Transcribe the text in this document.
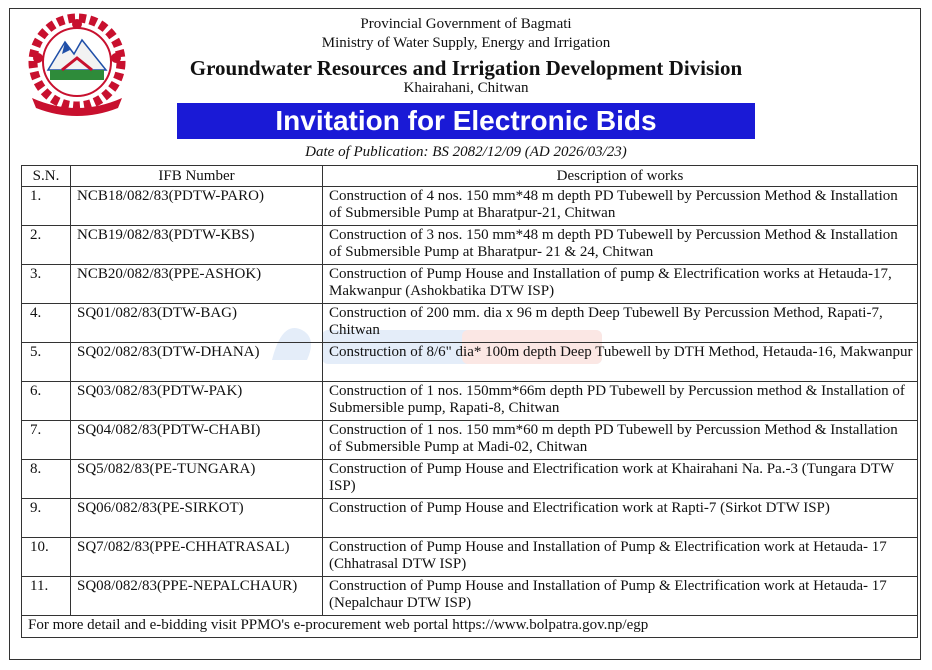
Provincial Government of Bagmati
Ministry of Water Supply, Energy and Irrigation
Groundwater Resources and Irrigation Development Division
Khairahani, Chitwan
Invitation for Electronic Bids
Date of Publication: BS 2082/12/09 (AD 2026/03/23)
S.N.	IFB Number	Description of works
1.	NCB18/082/83(PDTW-PARO)	Construction of 4 nos. 150 mm*48 m depth PD Tubewell by Percussion Method & Installation of Submersible Pump at Bharatpur-21, Chitwan
2.	NCB19/082/83(PDTW-KBS)	Construction of 3 nos. 150 mm*48 m depth PD Tubewell by Percussion Method & Installation of Submersible Pump at Bharatpur- 21 & 24, Chitwan
3.	NCB20/082/83(PPE-ASHOK)	Construction of Pump House and Installation of pump & Electrification works at Hetauda-17, Makwanpur (Ashokbatika DTW ISP)
4.	SQ01/082/83(DTW-BAG)	Construction of 200 mm. dia x 96 m depth Deep Tubewell By Percussion Method, Rapati-7, Chitwan
5.	SQ02/082/83(DTW-DHANA)	Construction of 8/6" dia* 100m depth Deep Tubewell by DTH Method, Hetauda-16, Makwanpur
6.	SQ03/082/83(PDTW-PAK)	Construction of 1 nos. 150mm*66m depth PD Tubewell by Percussion method & Installation of Submersible pump, Rapati-8, Chitwan
7.	SQ04/082/83(PDTW-CHABI)	Construction of 1 nos. 150 mm*60 m depth PD Tubewell by Percussion Method & Installation of Submersible Pump at Madi-02, Chitwan
8.	SQ5/082/83(PE-TUNGARA)	Construction of Pump House and Electrification work at Khairahani Na. Pa.-3 (Tungara DTW ISP)
9.	SQ06/082/83(PE-SIRKOT)	Construction of Pump House and Electrification work at Rapti-7 (Sirkot DTW ISP)
10.	SQ7/082/83(PPE-CHHATRASAL)	Construction of Pump House and Installation of Pump & Electrification work at Hetauda- 17 (Chhatrasal DTW ISP)
11.	SQ08/082/83(PPE-NEPALCHAUR)	Construction of Pump House and Installation of Pump & Electrification work at Hetauda- 17 (Nepalchaur DTW ISP)
For more detail and e-bidding visit PPMO's e-procurement web portal https://www.bolpatra.gov.np/egp		
